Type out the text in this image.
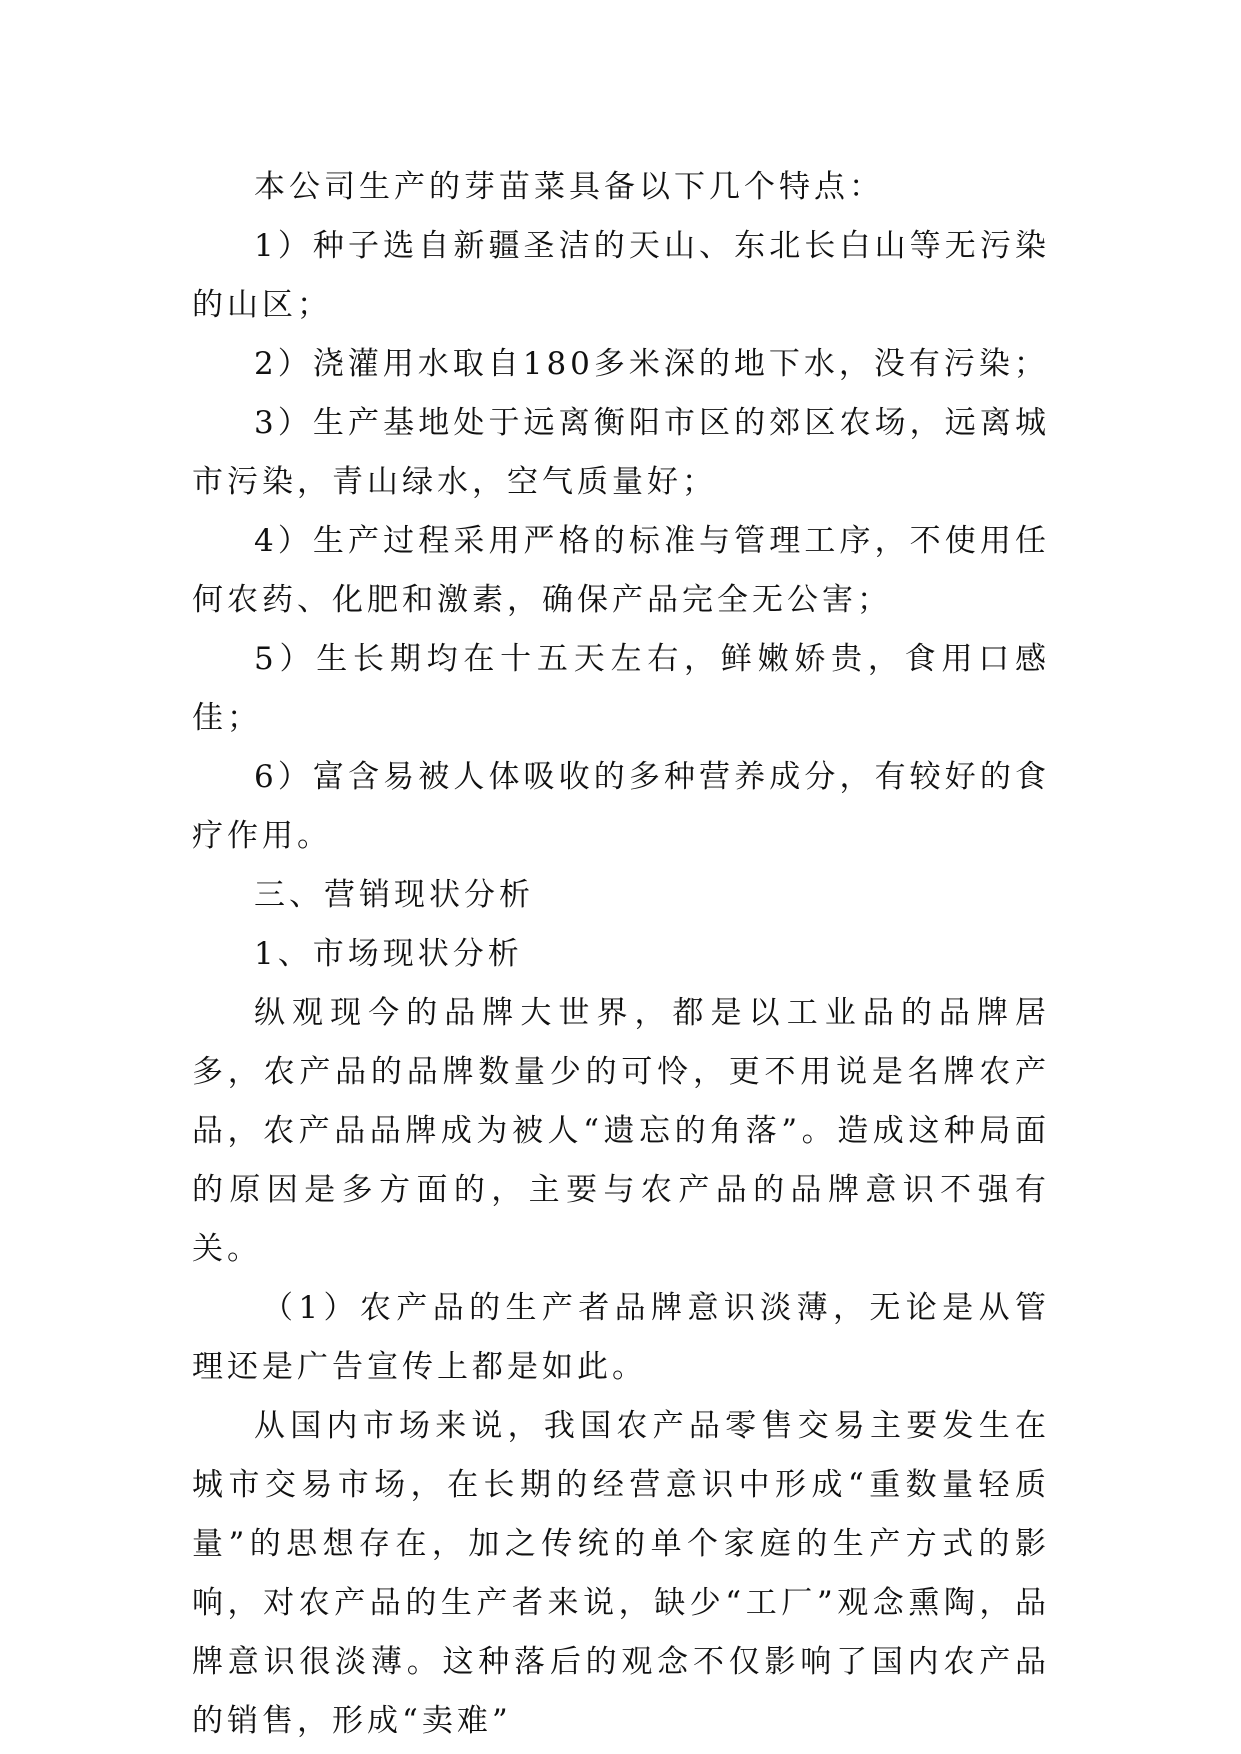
本公司生产的芽苗菜具备以下几个特点：

1）种子选自新疆圣洁的天山、东北长白山等无污染的山区；

2）浇灌用水取自180多米深的地下水，没有污染；

3）生产基地处于远离衡阳市区的郊区农场，远离城市污染，青山绿水，空气质量好；

4）生产过程采用严格的标准与管理工序，不使用任何农药、化肥和激素，确保产品完全无公害；

5）生长期均在十五天左右，鲜嫩娇贵，食用口感佳；

6）富含易被人体吸收的多种营养成分，有较好的食疗作用。

三、营销现状分析

1、市场现状分析

纵观现今的品牌大世界，都是以工业品的品牌居多，农产品的品牌数量少的可怜，更不用说是名牌农产品，农产品品牌成为被人“遗忘的角落”。造成这种局面的原因是多方面的，主要与农产品的品牌意识不强有关。

（1）农产品的生产者品牌意识淡薄，无论是从管理还是广告宣传上都是如此。

从国内市场来说，我国农产品零售交易主要发生在城市交易市场，在长期的经营意识中形成“重数量轻质量”的思想存在，加之传统的单个家庭的生产方式的影响，对农产品的生产者来说，缺少“工厂”观念熏陶，品牌意识很淡薄。这种落后的观念不仅影响了国内农产品的销售，形成“卖难”
